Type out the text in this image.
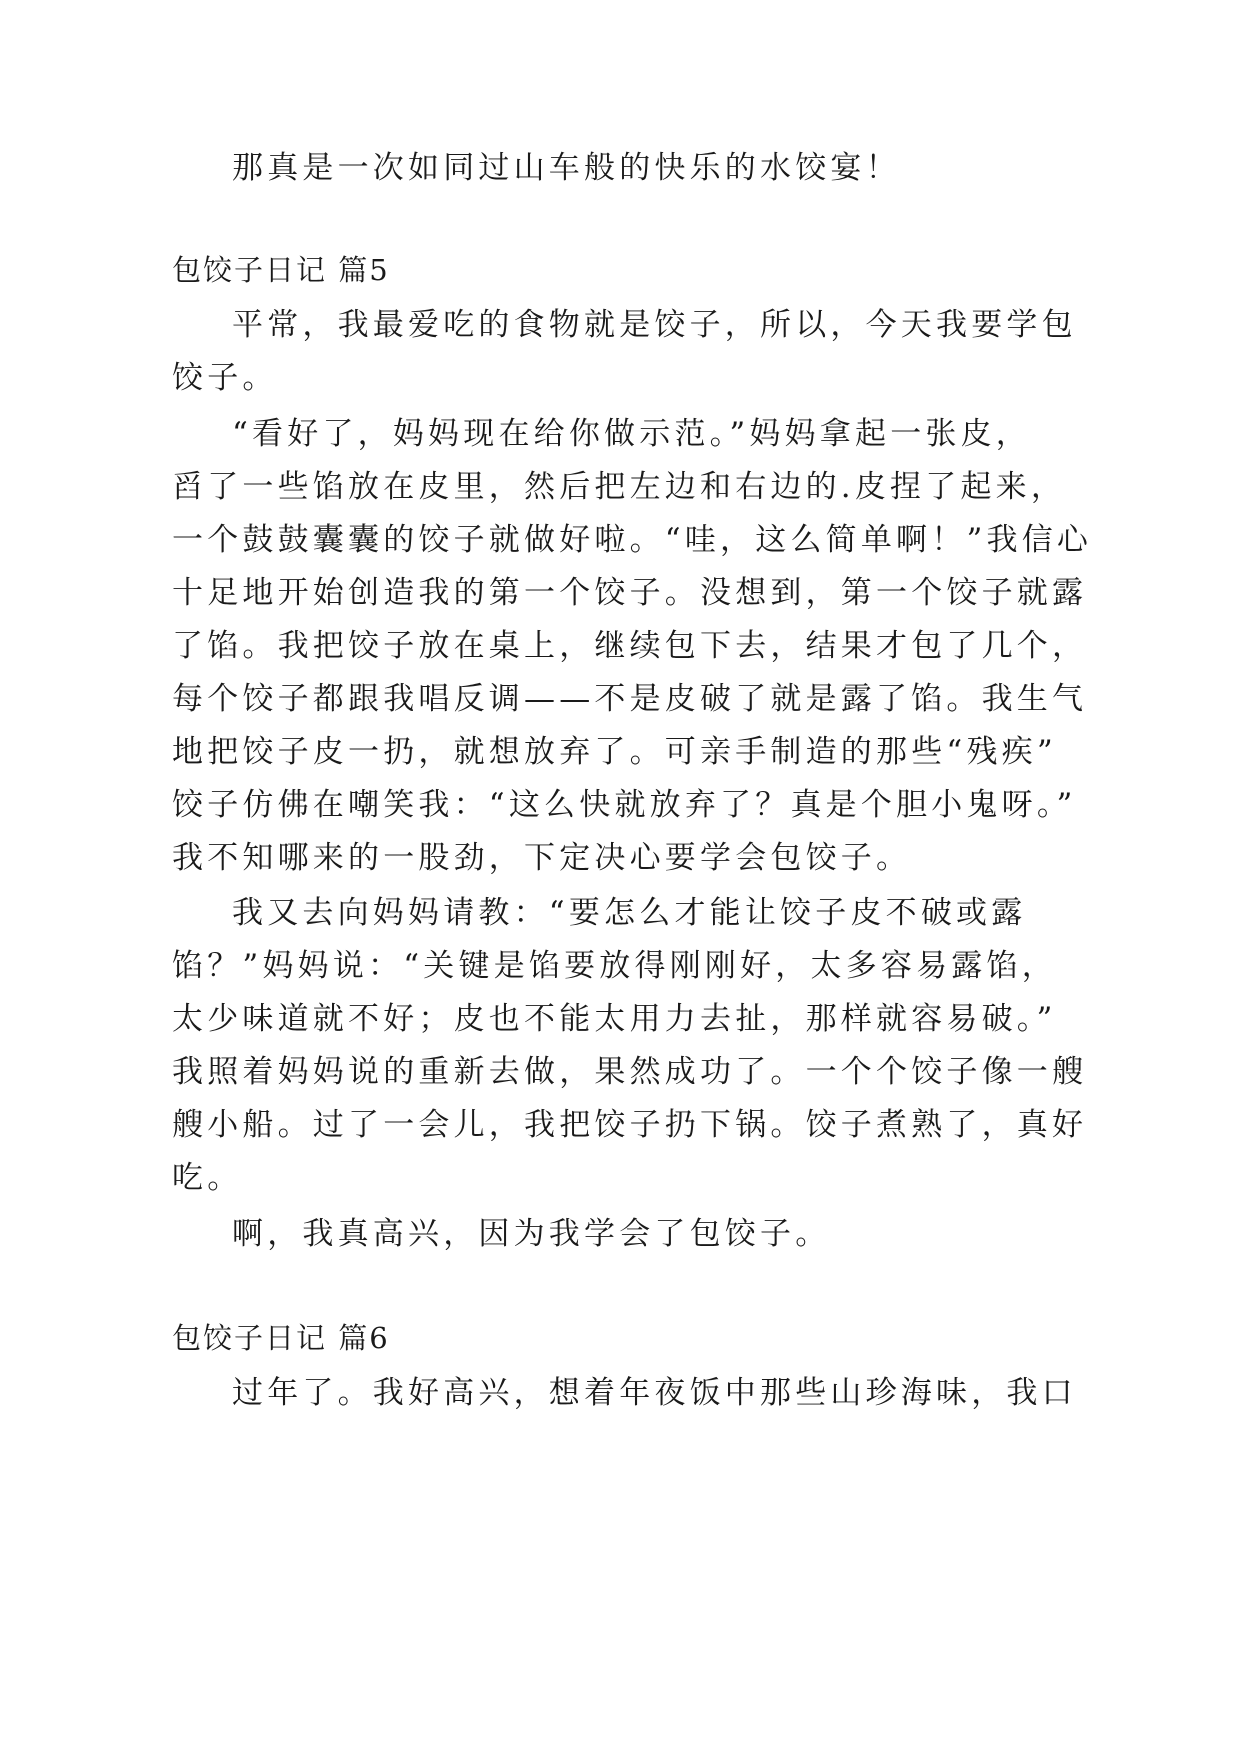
那真是一次如同过山车般的快乐的水饺宴！
包饺子日记 篇5
平常，我最爱吃的食物就是饺子，所以，今天我要学包
饺子。
“看好了，妈妈现在给你做示范。”妈妈拿起一张皮，
舀了一些馅放在皮里，然后把左边和右边的.皮捏了起来，
一个鼓鼓囊囊的饺子就做好啦。“哇，这么简单啊！”我信心
十足地开始创造我的第一个饺子。没想到，第一个饺子就露
了馅。我把饺子放在桌上，继续包下去，结果才包了几个，
每个饺子都跟我唱反调——不是皮破了就是露了馅。我生气
地把饺子皮一扔，就想放弃了。可亲手制造的那些“残疾”
饺子仿佛在嘲笑我：“这么快就放弃了？真是个胆小鬼呀。”
我不知哪来的一股劲，下定决心要学会包饺子。
我又去向妈妈请教：“要怎么才能让饺子皮不破或露
馅？”妈妈说：“关键是馅要放得刚刚好，太多容易露馅，
太少味道就不好；皮也不能太用力去扯，那样就容易破。”
我照着妈妈说的重新去做，果然成功了。一个个饺子像一艘
艘小船。过了一会儿，我把饺子扔下锅。饺子煮熟了，真好
吃。
啊，我真高兴，因为我学会了包饺子。
包饺子日记 篇6
过年了。我好高兴，想着年夜饭中那些山珍海味，我口
